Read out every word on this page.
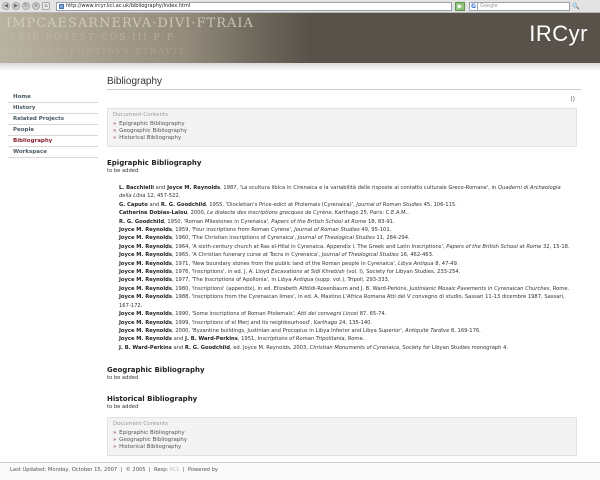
◀	▶	↻	×	⌂	http://www.ircyr.kcl.ac.uk/bibliography/index.html	▶	G Google	🔍
IMPCAESARNERVA·DIVI·FTRAIA
TRIB·POTEST·COS·III·P·P·
VIAM·CVM·PONTIBVS·STRAVIT
IRCyr
Home
History
Related Projects
People
Bibliography
Workspace
Bibliography
()
Document Contents
» Epigraphic Bibliography
» Geographic Bibliography
» Historical Bibliography
Epigraphic Bibliography
to be added
L. Bacchielli and Joyce M. Reynolds, 1987, 'La scultura libica in Cirenaica e la variabilità delle risposte al contatto culturale Greco-Romane', in Quaderni di Archeologia della Libia 12, 457-522.
G. Caputo and R. G. Goodchild, 1955, 'Diocletian's Price-edict at Ptolemais (Cyrenaica)', Journal of Roman Studies 45, 106-115.
Catherine Dobias-Lalou, 2000, Le dialecte des inscriptions grecques de Cyrène, Karthago 25, Paris: C.E.A.M..
R. G. Goodchild, 1950, 'Roman Milestones in Cyrenaica', Papers of the British School at Rome 18, 83-91.
Joyce M. Reynolds, 1959, 'Four inscriptions from Roman Cyrene', Journal of Roman Studies 49, 95-101.
Joyce M. Reynolds, 1960, 'The Christian inscriptions of Cyrenaica', Journal of Theological Studies 11, 284-294.
Joyce M. Reynolds, 1964, 'A sixth-century church at Ras el-Hilal in Cyrenaica. Appendix I. The Greek and Latin Inscriptions', Papers of the British School at Rome 32, 15-18.
Joyce M. Reynolds, 1965, 'A Christian funerary curse at Tocra in Cyrenaica', Journal of Theological Studies 16, 462-463.
Joyce M. Reynolds, 1971, 'New boundary stones from the public land of the Roman people in Cyrenaica', Libya Antiqua 8, 47-49.
Joyce M. Reynolds, 1976, 'Inscriptions', in ed. J. A. Lloyd Excavations at Sidi Khrebish (vol. I), Society for Libyan Studies, 233-254.
Joyce M. Reynolds, 1977, 'The Inscriptions of Apollonia', in Libya Antiqua (supp. vol.), Tripoli, 293-333.
Joyce M. Reynolds, 1980, 'Inscriptions' (appendix), in ed. Elizabeth Alföldi-Rosenbaum and J. B. Ward-Perkins, Justinianic Mosaic Pavements in Cyrenaican Churches, Rome.
Joyce M. Reynolds, 1988, 'Inscriptions from the Cyrenaican limes', in ed. A. Mastino L'Africa Romana Atti del V convegno di studio, Sassari 11-13 dicembre 1987, Sassari, 167-172.
Joyce M. Reynolds, 1990, 'Some inscriptions of Roman Ptolemais', Atti dei convegni Lincei 87, 65-74.
Joyce M. Reynolds, 1999, 'Inscriptions of el Merj and its neighbourhood', Karthago 24, 135-140.
Joyce M. Reynolds, 2000, 'Byzantine buildings, Justinian and Procopius in Libya Inferior and Libya Superior', Antiquité Tardive 8, 169-176.
Joyce M. Reynolds and J. B. Ward-Perkins, 1951, Inscriptions of Roman Tripolitania, Rome.
J. B. Ward-Perkins and R. G. Goodchild, ed. Joyce M. Reynolds, 2003, Christian Monuments of Cyrenaica, Society for Libyan Studies monograph 4.
Geographic Bibliography
to be added
Historical Bibliography
to be added
Document Contents
» Epigraphic Bibliography
» Geographic Bibliography
» Historical Bibliography
Last Updated: Monday, October 15, 2007  |  © 2005  |  Resp: KCL  |  Powered by
